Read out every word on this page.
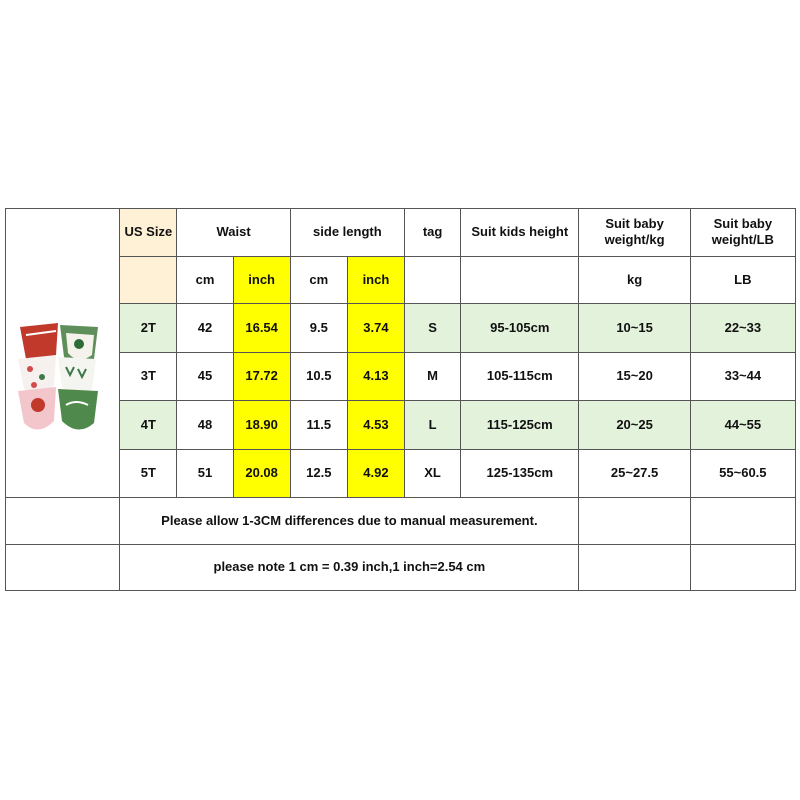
	US Size	Waist		side length		tag	Suit kids height	Suit baby weight/kg	Suit baby weight/LB
		cm	inch	cm	inch			kg	LB
	2T	42	16.54	9.5	3.74	S	95-105cm	10~15	22~33
	3T	45	17.72	10.5	4.13	M	105-115cm	15~20	33~44
	4T	48	18.90	11.5	4.53	L	115-125cm	20~25	44~55
	5T	51	20.08	12.5	4.92	XL	125-135cm	25~27.5	55~60.5
	Please allow 1-3CM differences due to manual measurement.								
	please note 1 cm = 0.39 inch,1 inch=2.54 cm								
